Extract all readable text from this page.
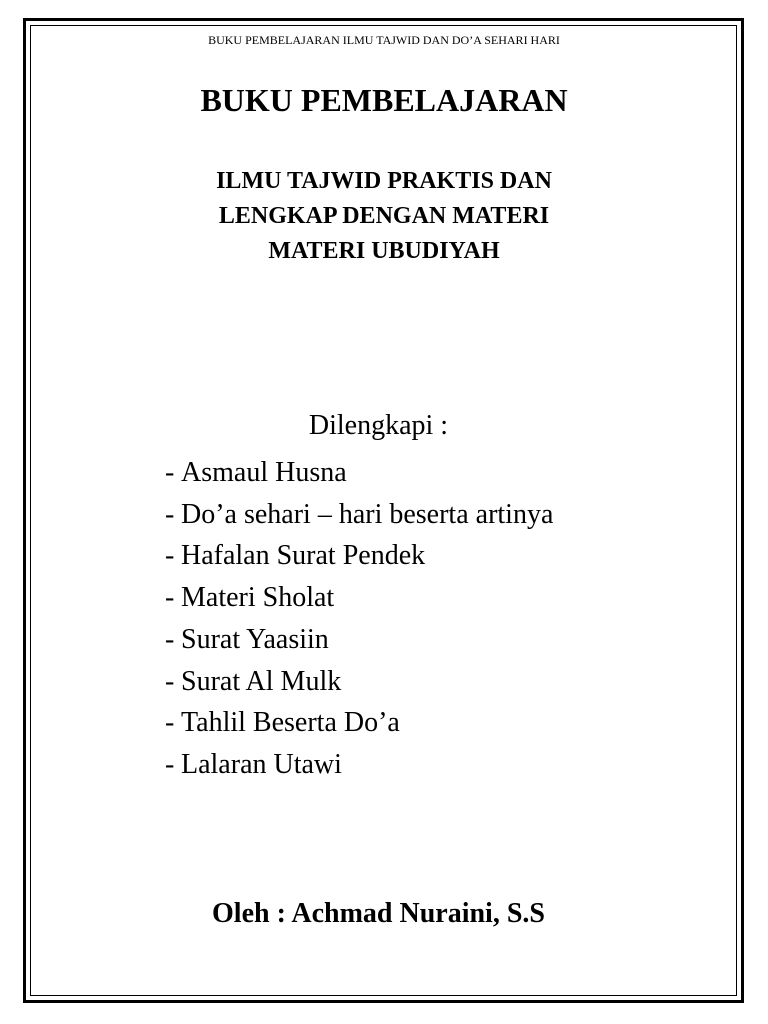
BUKU PEMBELAJARAN ILMU TAJWID DAN DO’A SEHARI HARI
BUKU PEMBELAJARAN
ILMU TAJWID PRAKTIS DAN
LENGKAP DENGAN MATERI
MATERI UBUDIYAH
Dilengkapi :
- Asmaul Husna
- Do’a sehari – hari beserta artinya
- Hafalan Surat Pendek
- Materi Sholat
- Surat Yaasiin
- Surat Al Mulk
- Tahlil Beserta Do’a
- Lalaran Utawi
Oleh : Achmad Nuraini, S.S
